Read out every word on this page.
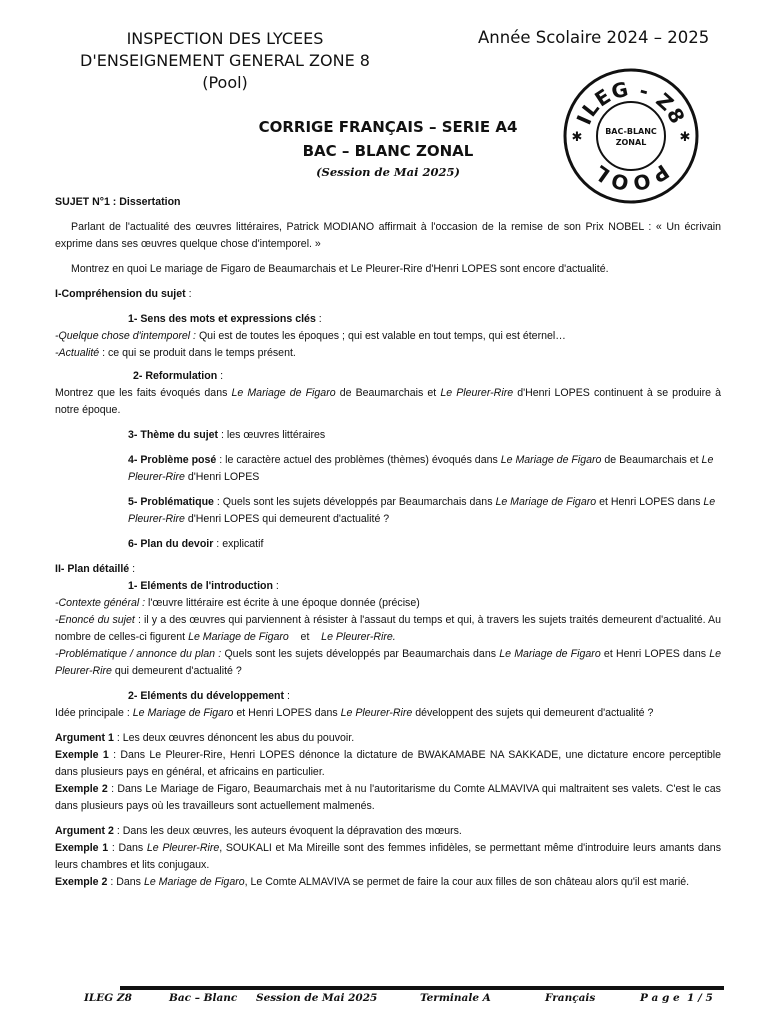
INSPECTION DES LYCEES
D'ENSEIGNEMENT GENERAL ZONE 8
(Pool)
Année Scolaire 2024 – 2025
ILEG - Z8
POOL
BAC-BLANC
ZONAL
✱	✱
CORRIGE FRANÇAIS – SERIE A4
BAC – BLANC ZONAL
(Session de Mai 2025)

SUJET N°1 : Dissertation

Parlant de l'actualité des œuvres littéraires, Patrick MODIANO affirmait à l'occasion de la remise de son Prix NOBEL : « Un écrivain exprime dans ses œuvres quelque chose d'intemporel. »

Montrez en quoi Le mariage de Figaro de Beaumarchais et Le Pleurer-Rire d'Henri LOPES sont encore d'actualité.

I-Compréhension du sujet :

1- Sens des mots et expressions clés :

-Quelque chose d'intemporel : Qui est de toutes les époques ; qui est valable en tout temps, qui est éternel…

-Actualité : ce qui se produit dans le temps présent.

2- Reformulation :

Montrez que les faits évoqués dans Le Mariage de Figaro de Beaumarchais et Le Pleurer-Rire d'Henri LOPES continuent à se produire à notre époque.

3- Thème du sujet : les œuvres littéraires

4- Problème posé : le caractère actuel des problèmes (thèmes) évoqués dans Le Mariage de Figaro de Beaumarchais et Le Pleurer-Rire d'Henri LOPES

5- Problématique : Quels sont les sujets développés par Beaumarchais dans Le Mariage de Figaro et Henri LOPES dans Le Pleurer-Rire d'Henri LOPES qui demeurent d'actualité ?

6- Plan du devoir : explicatif

II- Plan détaillé :

1- Eléments de l'introduction :

-Contexte général : l'œuvre littéraire est écrite à une époque donnée (précise)

-Enoncé du sujet : il y a des œuvres qui parviennent à résister à l'assaut du temps et qui, à travers les sujets traités demeurent d'actualité. Au nombre de celles-ci figurent Le Mariage de Figaro    et    Le Pleurer-Rire.

-Problématique / annonce du plan : Quels sont les sujets développés par Beaumarchais dans Le Mariage de Figaro et Henri LOPES dans Le Pleurer-Rire qui demeurent d'actualité ?

2- Eléments du développement :

Idée principale : Le Mariage de Figaro et Henri LOPES dans Le Pleurer-Rire développent des sujets qui demeurent d'actualité ?

Argument 1 : Les deux œuvres dénoncent les abus du pouvoir.

Exemple 1 : Dans Le Pleurer-Rire, Henri LOPES dénonce la dictature de BWAKAMABE NA SAKKADE, une dictature encore perceptible dans plusieurs pays en général, et africains en particulier.

Exemple 2 : Dans Le Mariage de Figaro, Beaumarchais met à nu l'autoritarisme du Comte ALMAVIVA qui maltraitent ses valets. C'est le cas dans plusieurs pays où les travailleurs sont actuellement malmenés.

Argument 2 : Dans les deux œuvres, les auteurs évoquent la dépravation des mœurs.

Exemple 1 : Dans Le Pleurer-Rire, SOUKALI et Ma Mireille sont des femmes infidèles, se permettant même d'introduire leurs amants dans leurs chambres et lits conjugaux.

Exemple 2 : Dans Le Mariage de Figaro, Le Comte ALMAVIVA se permet de faire la cour aux filles de son château alors qu'il est marié.

ILEG Z8	Bac – Blanc Session de Mai 2025	Terminale A	Français	P a g e  1 / 5
